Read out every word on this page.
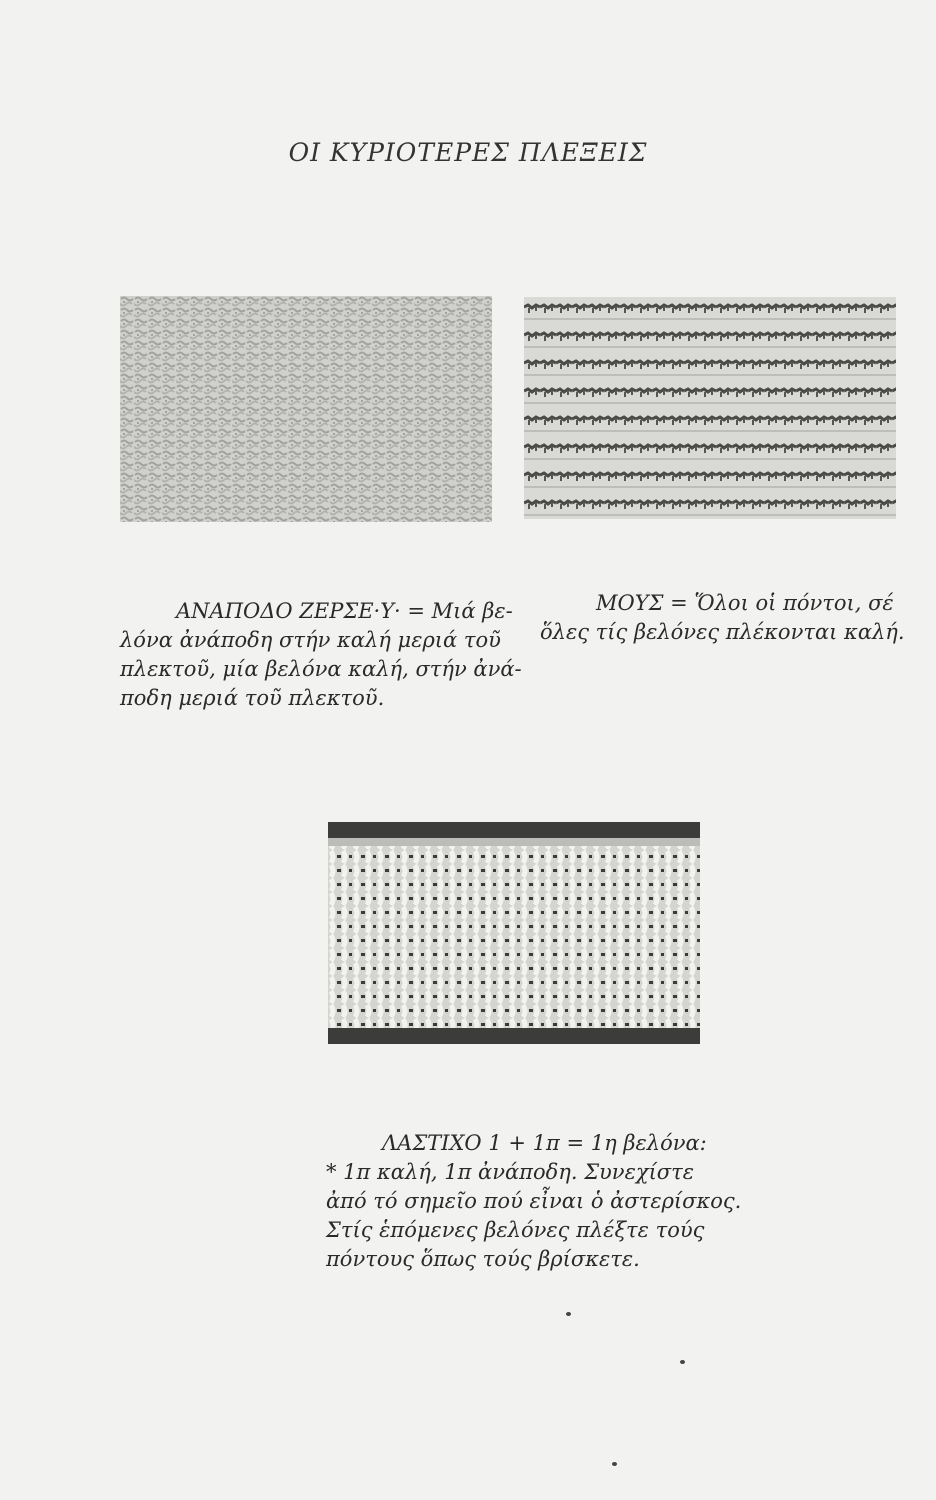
ΟΙ ΚΥΡΙΟΤΕΡΕΣ ΠΛΕΞΕΙΣ

ΑΝΑΠΟΔΟ ΖΕΡΣΕ·Υ· = Μιά βε-

λόνα ἀνάποδη στήν καλή μεριά τοῦ

πλεκτοῦ, μία βελόνα καλή, στήν ἀνά-

ποδη μεριά τοῦ πλεκτοῦ.

ΜΟΥΣ = Ὅλοι οἱ πόντοι, σέ

ὅλες τίς βελόνες πλέκονται καλή.

ΛΑΣΤΙΧΟ 1 + 1π = 1η βελόνα:

* 1π καλή, 1π ἀνάποδη. Συνεχίστε

ἀπό τό σημεῖο πού εἶναι ὁ ἀστερίσκος.

Στίς ἑπόμενες βελόνες πλέξτε τούς

πόντους ὅπως τούς βρίσκετε.
